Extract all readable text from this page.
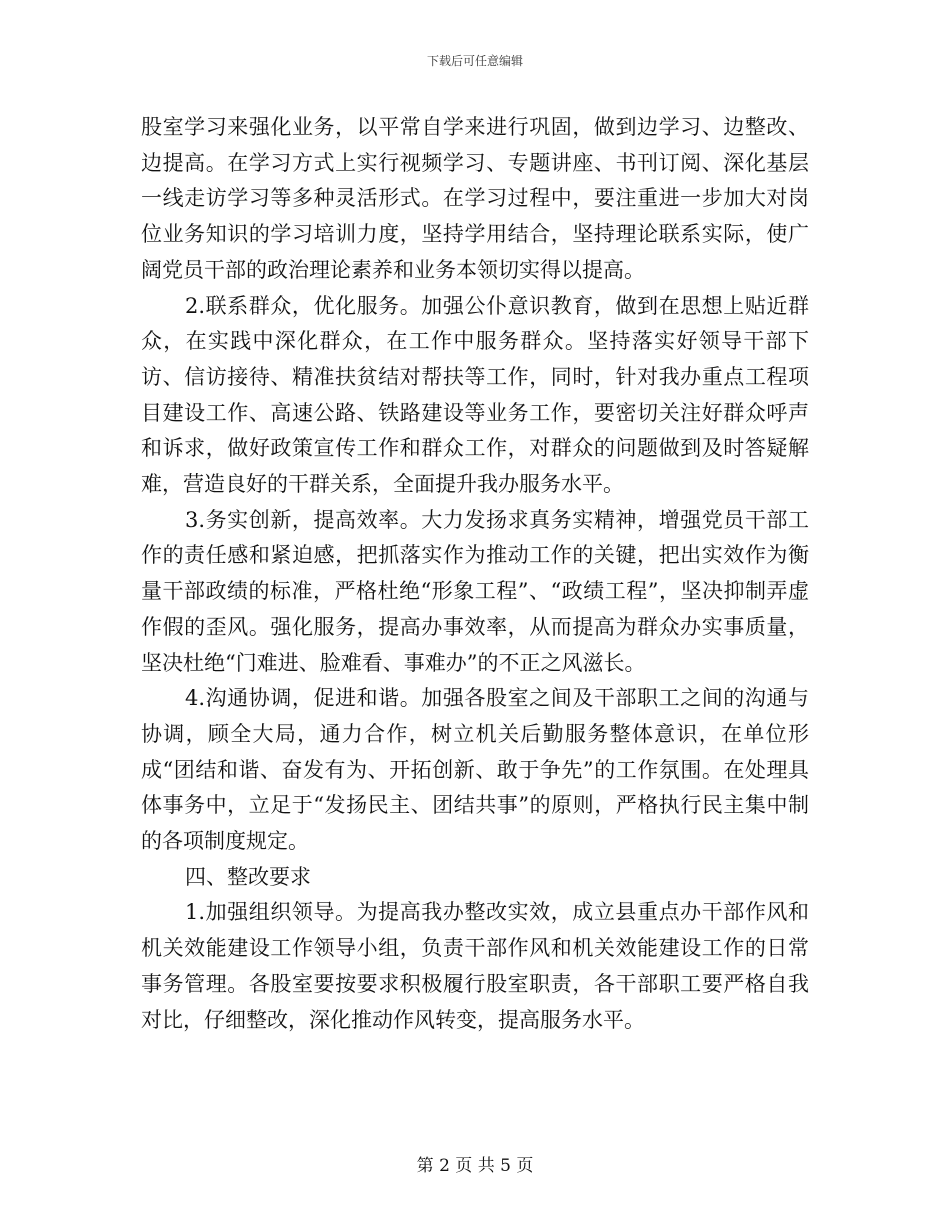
下载后可任意编辑

股室学习来强化业务，以平常自学来进行巩固，做到边学习、边整改、边提高。在学习方式上实行视频学习、专题讲座、书刊订阅、深化基层一线走访学习等多种灵活形式。在学习过程中，要注重进一步加大对岗位业务知识的学习培训力度，坚持学用结合，坚持理论联系实际，使广阔党员干部的政治理论素养和业务本领切实得以提高。

2.联系群众，优化服务。加强公仆意识教育，做到在思想上贴近群众，在实践中深化群众，在工作中服务群众。坚持落实好领导干部下访、信访接待、精准扶贫结对帮扶等工作，同时，针对我办重点工程项目建设工作、高速公路、铁路建设等业务工作，要密切关注好群众呼声和诉求，做好政策宣传工作和群众工作，对群众的问题做到及时答疑解难，营造良好的干群关系，全面提升我办服务水平。

3.务实创新，提高效率。大力发扬求真务实精神，增强党员干部工作的责任感和紧迫感，把抓落实作为推动工作的关键，把出实效作为衡量干部政绩的标准，严格杜绝“形象工程”、“政绩工程”，坚决抑制弄虚作假的歪风。强化服务，提高办事效率，从而提高为群众办实事质量，坚决杜绝“门难进、脸难看、事难办”的不正之风滋长。

4.沟通协调，促进和谐。加强各股室之间及干部职工之间的沟通与协调，顾全大局，通力合作，树立机关后勤服务整体意识，在单位形成“团结和谐、奋发有为、开拓创新、敢于争先”的工作氛围。在处理具体事务中，立足于“发扬民主、团结共事”的原则，严格执行民主集中制的各项制度规定。

四、整改要求

1.加强组织领导。为提高我办整改实效，成立县重点办干部作风和机关效能建设工作领导小组，负责干部作风和机关效能建设工作的日常事务管理。各股室要按要求积极履行股室职责，各干部职工要严格自我对比，仔细整改，深化推动作风转变，提高服务水平。

第 2 页 共 5 页
